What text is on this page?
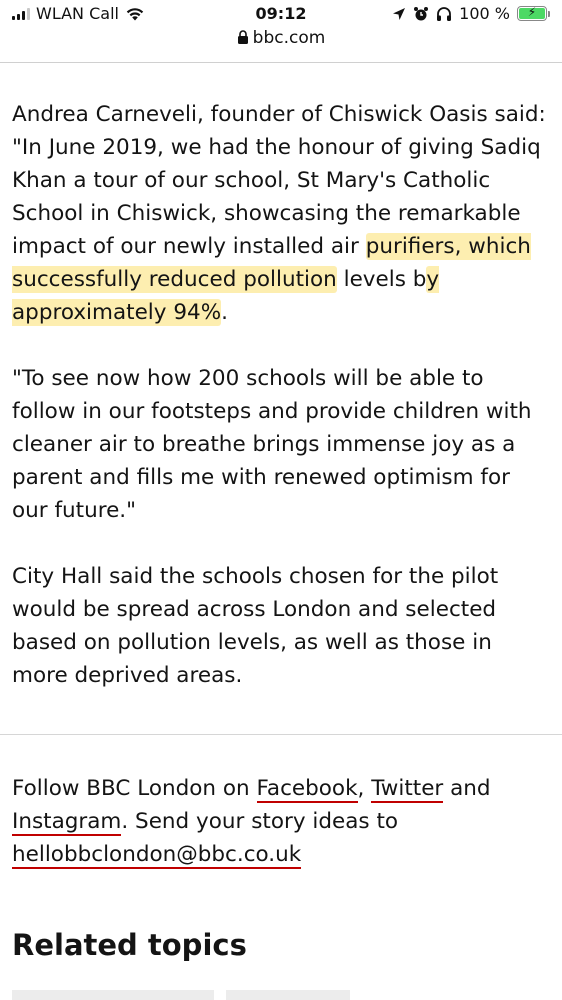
WLAN Call	09:12	100 %	⚡
bbc.com

Andrea Carneveli, founder of Chiswick Oasis said: "In June 2019, we had the honour of giving Sadiq Khan a tour of our school, St Mary's Catholic School in Chiswick, showcasing the remarkable impact of our newly installed air purifiers, which successfully reduced pollution levels by approximately 94%.

"To see now how 200 schools will be able to follow in our footsteps and provide children with cleaner air to breathe brings immense joy as a parent and fills me with renewed optimism for our future."

City Hall said the schools chosen for the pilot would be spread across London and selected based on pollution levels, as well as those in more deprived areas.

Follow BBC London on Facebook, Twitter and Instagram. Send your story ideas to hellobbclondon@bbc.co.uk
Related topics
